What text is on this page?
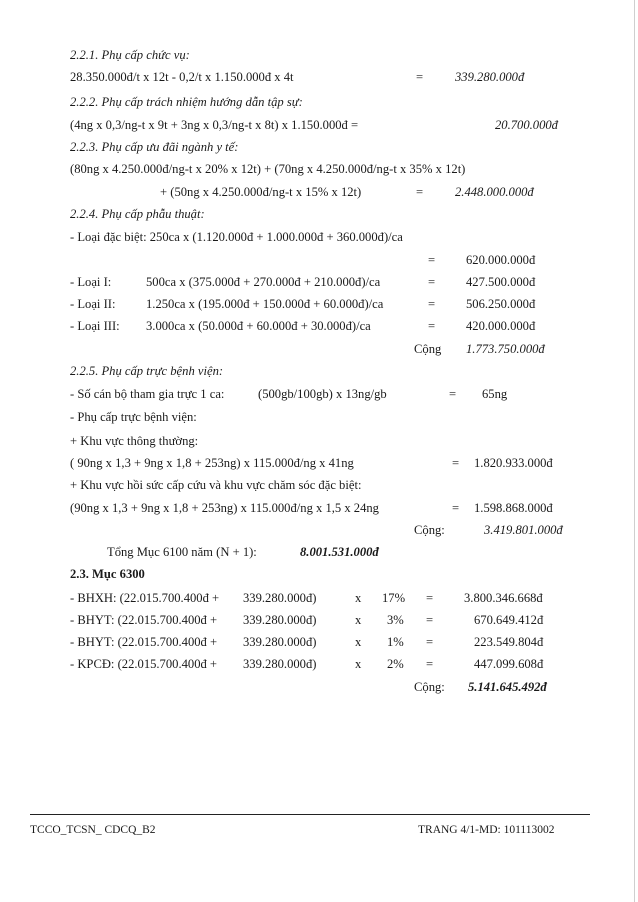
2.2.1. Phụ cấp chức vụ:
28.350.000đ/t x 12t - 0,2/t x 1.150.000đ x 4t	=	339.280.000đ
2.2.2. Phụ cấp trách nhiệm hướng dẫn tập sự:
(4ng x 0,3/ng-t x 9t + 3ng x 0,3/ng-t x 8t) x 1.150.000đ =	20.700.000đ
2.2.3. Phụ cấp ưu đãi ngành y tế:
(80ng x 4.250.000đ/ng-t x 20% x 12t) + (70ng x 4.250.000đ/ng-t x 35% x 12t)
+ (50ng x 4.250.000đ/ng-t x 15% x 12t)	=	2.448.000.000đ
2.2.4. Phụ cấp phẫu thuật:
- Loại đặc biệt: 250ca x (1.120.000đ + 1.000.000đ + 360.000đ)/ca
= 620.000.000đ
- Loại I:	500ca x (375.000đ + 270.000đ + 210.000đ)/ca	= 427.500.000đ
- Loại II: 1.250ca x (195.000đ + 150.000đ + 60.000đ)/ca	= 506.250.000đ
- Loại III: 3.000ca x (50.000đ + 60.000đ + 30.000đ)/ca	= 420.000.000đ
Cộng 1.773.750.000đ
2.2.5. Phụ cấp trực bệnh viện:
- Số cán bộ tham gia trực 1 ca:	(500gb/100gb) x 13ng/gb	= 65ng
- Phụ cấp trực bệnh viện:
+ Khu vực thông thường:
( 90ng x 1,3 + 9ng x 1,8 + 253ng) x 115.000đ/ng x 41ng	= 1.820.933.000đ
+ Khu vực hồi sức cấp cứu và khu vực chăm sóc đặc biệt:
(90ng x 1,3 + 9ng x 1,8 + 253ng) x 115.000đ/ng x 1,5 x 24ng	= 1.598.868.000đ
Cộng:	3.419.801.000đ
Tổng Mục 6100 năm (N + 1):	8.001.531.000đ
2.3. Mục 6300
- BHXH: (22.015.700.400đ + 339.280.000đ)	x 17% = 3.800.346.668đ
- BHYT: (22.015.700.400đ + 339.280.000đ)	x 3% =	670.649.412đ
- BHYT: (22.015.700.400đ + 339.280.000đ)	x 1% =	223.549.804đ
- KPCĐ: (22.015.700.400đ + 339.280.000đ)	x 2% =	447.099.608đ
Cộng: 5.141.645.492đ
TCCO_TCSN_ CDCQ_B2	TRANG 4/1-MD: 101113002
